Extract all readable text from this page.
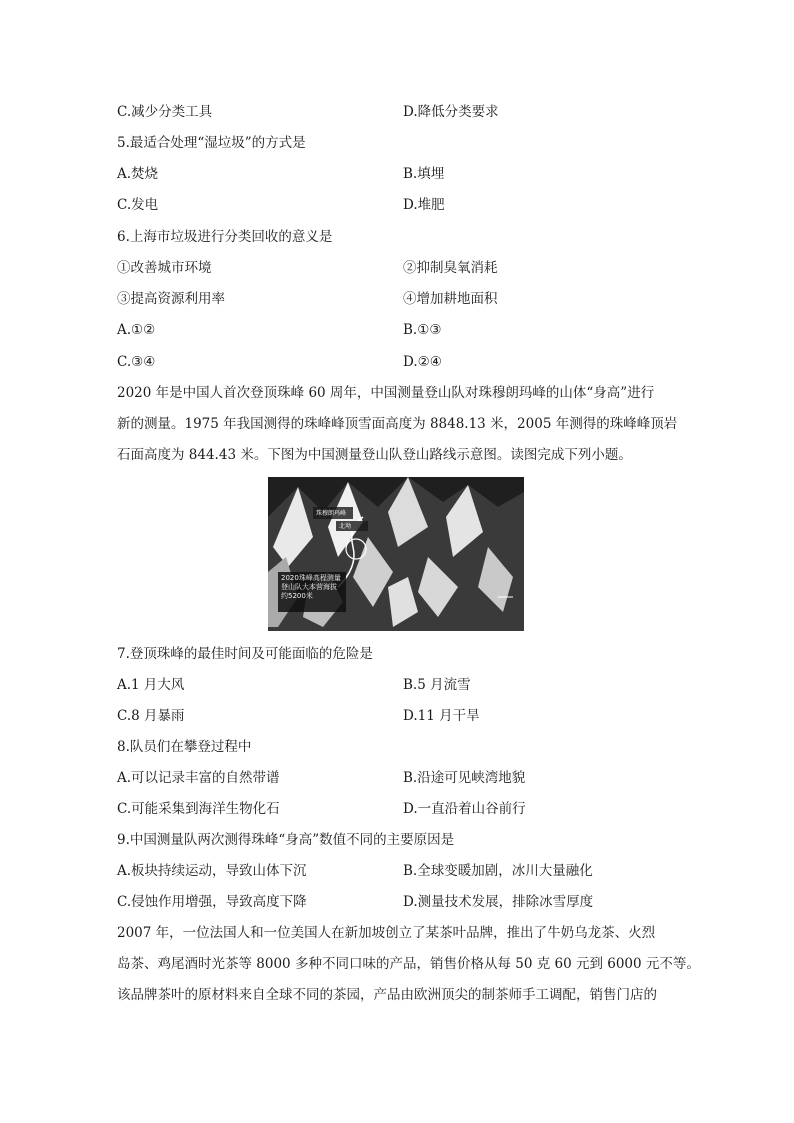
C.减少分类工具	D.降低分类要求
5.最适合处理“湿垃圾”的方式是
A.焚烧	B.填埋
C.发电	D.堆肥
6.上海市垃圾进行分类回收的意义是
①改善城市环境	②抑制臭氧消耗
③提高资源利用率	④增加耕地面积
A.①②	B.①③
C.③④	D.②④
2020 年是中国人首次登顶珠峰 60 周年，中国测量登山队对珠穆朗玛峰的山体“身高”进行
新的测量。1975 年我国测得的珠峰峰顶雪面高度为 8848.13 米，2005 年测得的珠峰峰顶岩
石面高度为 844.43 米。下图为中国测量登山队登山路线示意图。读图完成下列小题。
珠穆朗玛峰
北坳
2020珠峰高程测量登山队大本营海拔约5200米
7.登顶珠峰的最佳时间及可能面临的危险是
A.1 月大风	B.5 月流雪
C.8 月暴雨	D.11 月干旱
8.队员们在攀登过程中
A.可以记录丰富的自然带谱	B.沿途可见峡湾地貌
C.可能采集到海洋生物化石	D.一直沿着山谷前行
9.中国测量队两次测得珠峰“身高”数值不同的主要原因是
A.板块持续运动，导致山体下沉	B.全球变暖加剧，冰川大量融化
C.侵蚀作用增强，导致高度下降	D.测量技术发展，排除冰雪厚度
2007 年，一位法国人和一位美国人在新加坡创立了某茶叶品牌，推出了牛奶乌龙茶、火烈
岛茶、鸡尾酒时光茶等 8000 多种不同口味的产品，销售价格从每 50 克 60 元到 6000 元不等。
该品牌茶叶的原材料来自全球不同的茶园，产品由欧洲顶尖的制茶师手工调配，销售门店的
